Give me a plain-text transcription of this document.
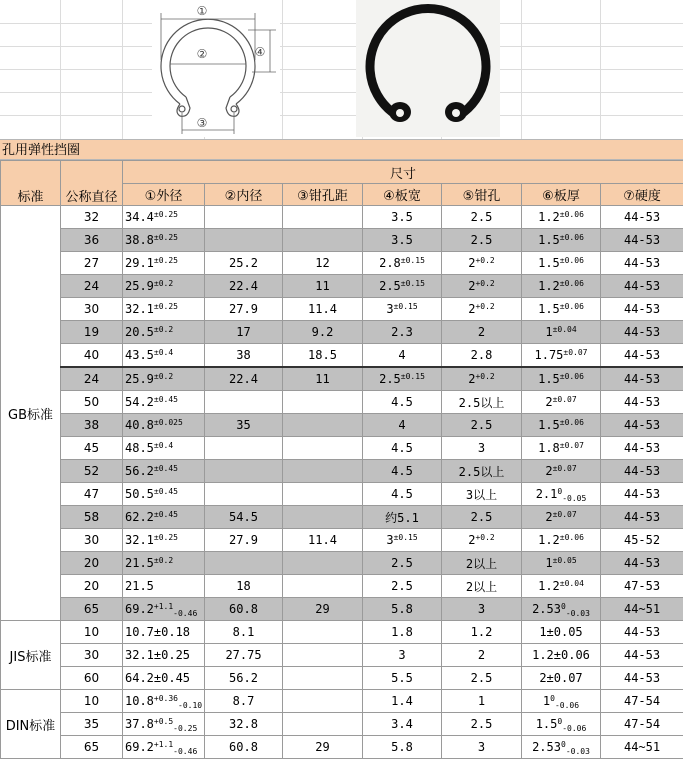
①
②
③
④
孔用弹性挡圈
标准	公称直径	尺寸						
		①外径	②内径	③钳孔距	④板宽	⑤钳孔	⑥板厚	⑦硬度
GB标准	32	$34.4^{\pm 0.25}$			3.5	2.5	$1.2^{\pm 0.06}$	44-53
	36	$38.8^{\pm 0.25}$			3.5	2.5	$1.5^{\pm 0.06}$	44-53
	27	$29.1^{\pm 0.25}$	25.2	12	$2.8^{\pm 0.15}$	$2^{+0.2}$	$1.5^{\pm 0.06}$	44-53
	24	$25.9^{\pm 0.2}$	22.4	11	$2.5^{\pm 0.15}$	$2^{+0.2}$	$1.2^{\pm 0.06}$	44-53
	30	$32.1^{\pm 0.25}$	27.9	11.4	$3^{\pm 0.15}$	$2^{+0.2}$	$1.5^{\pm 0.06}$	44-53
	19	$20.5^{\pm 0.2}$	17	9.2	2.3	2	$1^{\pm 0.04}$	44-53
	40	$43.5^{\pm 0.4}$	38	18.5	4	2.8	$1.75^{\pm 0.07}$	44-53
	24	$25.9^{\pm 0.2}$	22.4	11	$2.5^{\pm 0.15}$	$2^{+0.2}$	$1.5^{\pm 0.06}$	44-53
	50	$54.2^{\pm 0.45}$			4.5	2.5以上	$2^{\pm 0.07}$	44-53
	38	$40.8^{\pm 0.025}$	35		4	2.5	$1.5^{\pm 0.06}$	44-53
	45	$48.5^{\pm 0.4}$			4.5	3	$1.8^{\pm 0.07}$	44-53
	52	$56.2^{\pm 0.45}$			4.5	2.5以上	$2^{\pm 0.07}$	44-53
	47	$50.5^{\pm 0.45}$			4.5	3以上	$2.1^0_{-0.05}$	44-53
	58	$62.2^{\pm 0.45}$	54.5		约5.1	2.5	$2^{\pm 0.07}$	44-53
	30	$32.1^{\pm 0.25}$	27.9	11.4	$3^{\pm 0.15}$	$2^{+0.2}$	$1.2^{\pm 0.06}$	45-52
	20	$21.5^{\pm 0.2}$			2.5	2以上	$1^{\pm 0.05}$	44-53
	20	21.5	18		2.5	2以上	$1.2^{\pm 0.04}$	47-53
	65	$69.2^{+1.1}_{-0.46}$	60.8	29	5.8	3	$2.53^0_{-0.03}$	44~51
JIS标准	10	10.7±0.18	8.1		1.8	1.2	1±0.05	44-53
	30	32.1±0.25	27.75		3	2	1.2±0.06	44-53
	60	64.2±0.45	56.2		5.5	2.5	2±0.07	44-53
DIN标准	10	$10.8^{+0.36}_{-0.10}$	8.7		1.4	1	$1^0_{-0.06}$	47-54
	35	$37.8^{+0.5}_{-0.25}$	32.8		3.4	2.5	$1.5^0_{-0.06}$	47-54
	65	$69.2^{+1.1}_{-0.46}$	60.8	29	5.8	3	$2.53^0_{-0.03}$	44~51
